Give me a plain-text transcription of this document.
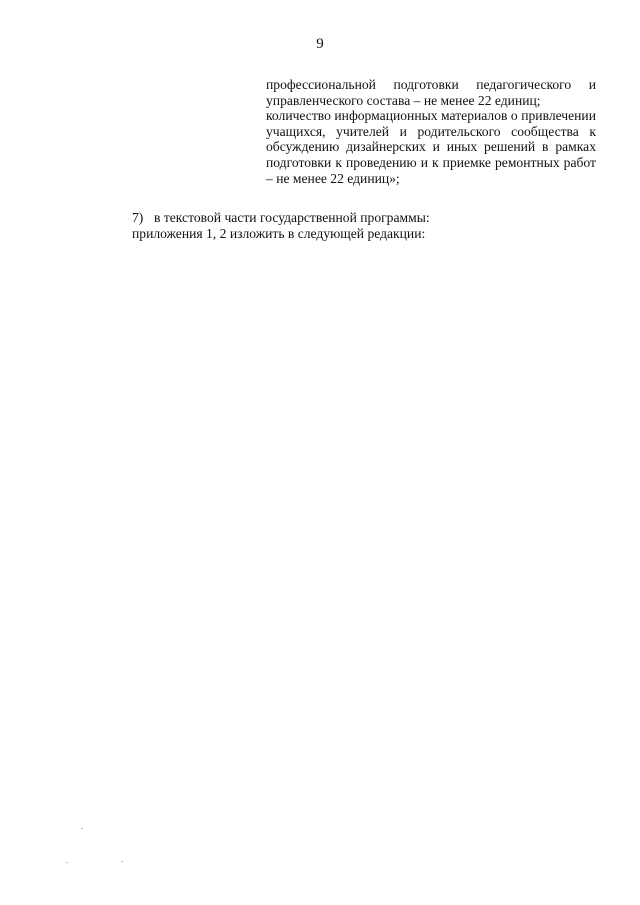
9

профессиональной подготовки педагогического и управленческого состава – не менее 22 единиц;

количество информационных материалов о привлечении учащихся, учителей и родительского сообщества к обсуждению дизайнерских и иных решений в рамках подготовки к проведению и к приемке ремонтных работ – не менее 22 единиц»;

7) в текстовой части государственной программы:

приложения 1, 2 изложить в следующей редакции:
